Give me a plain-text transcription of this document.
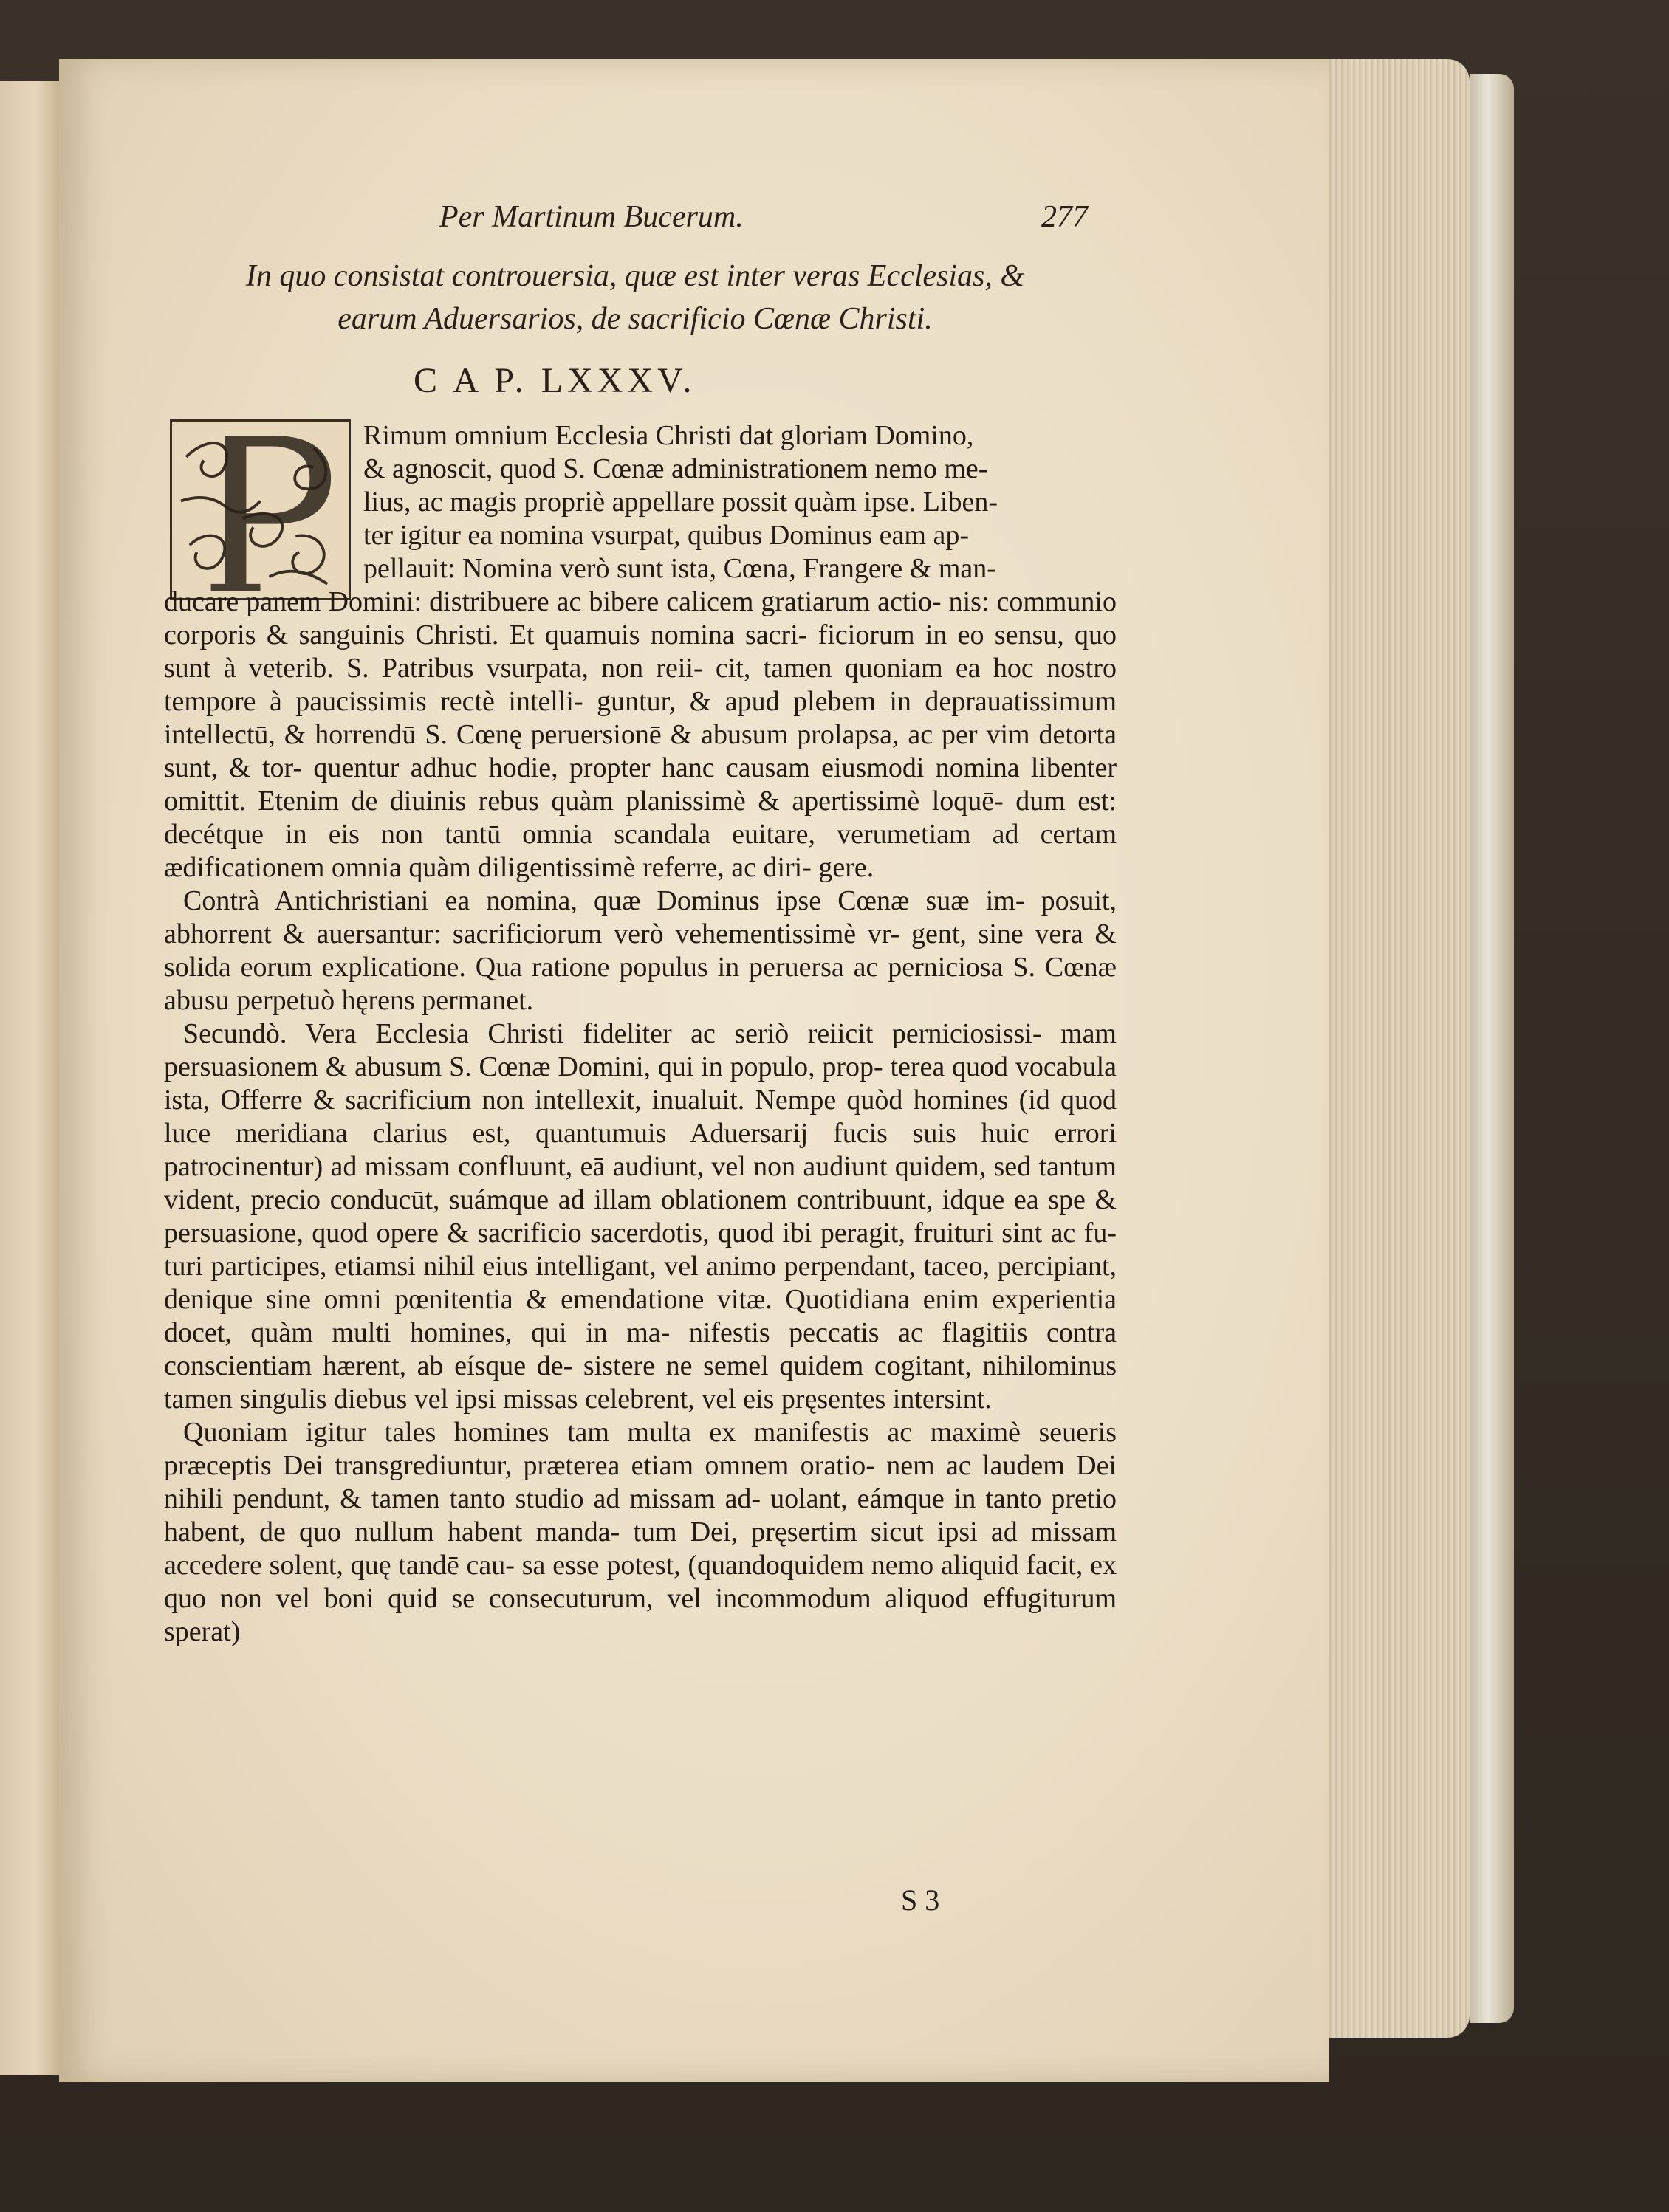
Per Martinum Bucerum.	277
In quo consistat controuersia, quæ est inter veras Ecclesias, &
earum Aduersarios, de sacrificio Cœnæ Christi.
C A P. LXXXV.

Rimum omnium Ecclesia Christi dat gloriam Domino,

& agnoscit, quod S. Cœnæ administrationem nemo me-

lius, ac magis propriè appellare possit quàm ipse. Liben-

ter igitur ea nomina vsurpat, quibus Dominus eam ap-

pellauit: Nomina verò sunt ista, Cœna, Frangere & man-

ducare panem Domini: distribuere ac bibere calicem gratiarum actio- nis: communio corporis & sanguinis Christi. Et quamuis nomina sacri- ficiorum in eo sensu, quo sunt à veterib. S. Patribus vsurpata, non reii- cit, tamen quoniam ea hoc nostro tempore à paucissimis rectè intelli- guntur, & apud plebem in deprauatissimum intellectū, & horrendū S. Cœnę peruersionē & abusum prolapsa, ac per vim detorta sunt, & tor- quentur adhuc hodie, propter hanc causam eiusmodi nomina libenter omittit. Etenim de diuinis rebus quàm planissimè & apertissimè loquē- dum est: decétque in eis non tantū omnia scandala euitare, verumetiam ad certam ædificationem omnia quàm diligentissimè referre, ac diri- gere.

Contrà Antichristiani ea nomina, quæ Dominus ipse Cœnæ suæ im- posuit, abhorrent & auersantur: sacrificiorum verò vehementissimè vr- gent, sine vera & solida eorum explicatione. Qua ratione populus in peruersa ac perniciosa S. Cœnæ abusu perpetuò hęrens permanet.

Secundò. Vera Ecclesia Christi fideliter ac seriò reiicit perniciosissi- mam persuasionem & abusum S. Cœnæ Domini, qui in populo, prop- terea quod vocabula ista, Offerre & sacrificium non intellexit, inualuit. Nempe quòd homines (id quod luce meridiana clarius est, quantumuis Aduersarij fucis suis huic errori patrocinentur) ad missam confluunt, eā audiunt, vel non audiunt quidem, sed tantum vident, precio conducūt, suámque ad illam oblationem contribuunt, idque ea spe & persuasione, quod opere & sacrificio sacerdotis, quod ibi peragit, fruituri sint ac fu- turi participes, etiamsi nihil eius intelligant, vel animo perpendant, taceo, percipiant, denique sine omni pœnitentia & emendatione vitæ. Quotidiana enim experientia docet, quàm multi homines, qui in ma- nifestis peccatis ac flagitiis contra conscientiam hærent, ab eísque de- sistere ne semel quidem cogitant, nihilominus tamen singulis diebus vel ipsi missas celebrent, vel eis pręsentes intersint.

Quoniam igitur tales homines tam multa ex manifestis ac maximè seueris præceptis Dei transgrediuntur, præterea etiam omnem oratio- nem ac laudem Dei nihili pendunt, & tamen tanto studio ad missam ad- uolant, eámque in tanto pretio habent, de quo nullum habent manda- tum Dei, pręsertim sicut ipsi ad missam accedere solent, quę tandē cau- sa esse potest, (quandoquidem nemo aliquid facit, ex quo non vel boni quid se consecuturum, vel incommodum aliquod effugiturum sperat)

S 3
